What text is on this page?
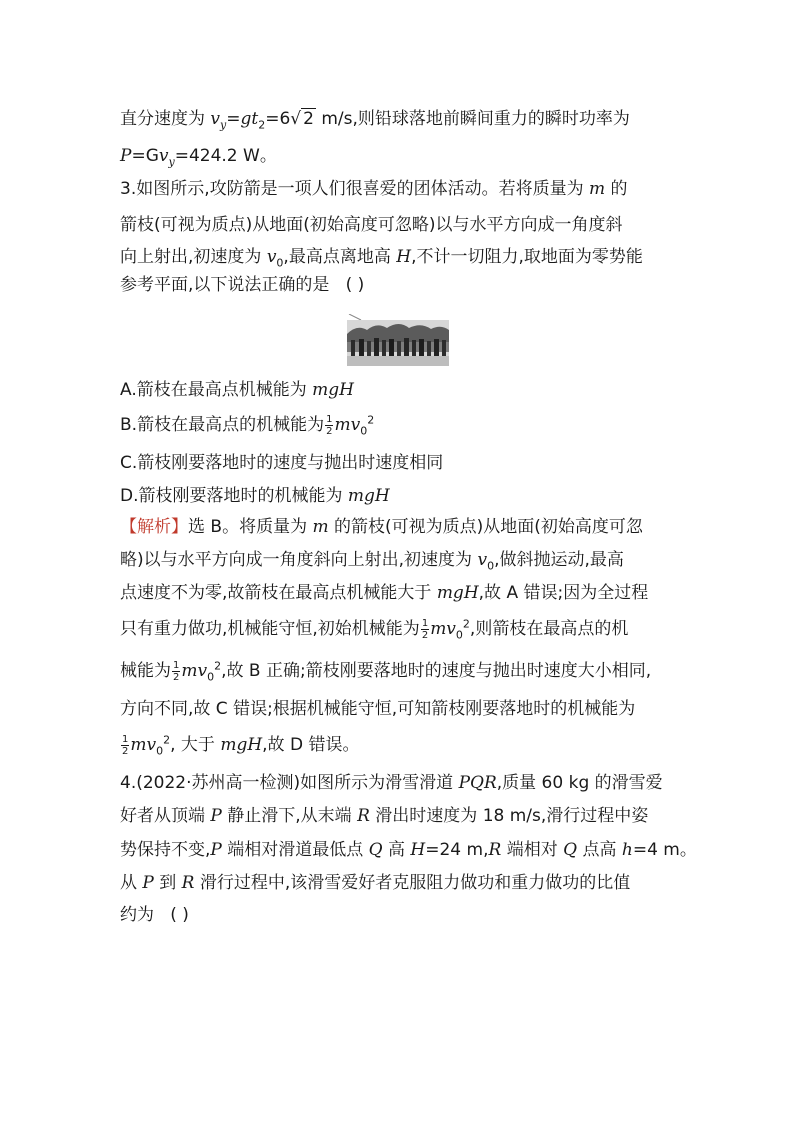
直分速度为 $v_y=gt_2=6√$ 2 m/s,则铅球落地前瞬间重力的瞬时功率为
$P=Gv_y=424.2$ W。
3.如图所示,攻防箭是一项人们很喜爱的团体活动。若将质量为 m 的
箭枝(可视为质点)从地面(初始高度可忽略)以与水平方向成一角度斜
向上射出,初速度为 $v_0$,最高点离地高 H,不计一切阻力,取地面为零势能
参考平面,以下说法正确的是 ( )
A.箭枝在最高点机械能为 mgH
B.箭枝在最高点的机械能为 $\frac{1}{2} mv_0^2$
C.箭枝刚要落地时的速度与抛出时速度相同
D.箭枝刚要落地时的机械能为 mgH
【解析】选 B。将质量为 m 的箭枝(可视为质点)从地面(初始高度可忽
略)以与水平方向成一角度斜向上射出,初速度为 $v_0$,做斜抛运动,最高
点速度不为零,故箭枝在最高点机械能大于 mgH,故 A 错误;因为全过程
只有重力做功,机械能守恒,初始机械能为 $\frac{1}{2} mv_0^2$,则箭枝在最高点的机
械能为 $\frac{1}{2} mv_0^2$,故 B 正确;箭枝刚要落地时的速度与抛出时速度大小相同,
方向不同,故 C 错误;根据机械能守恒,可知箭枝刚要落地时的机械能为
$\frac{1}{2} mv_0^2$, 大于 mgH,故 D 错误。
4.(2022·苏州高一检测)如图所示为滑雪滑道 PQR,质量 60 kg 的滑雪爱
好者从顶端 P 静止滑下,从末端 R 滑出时速度为 18 m/s,滑行过程中姿
势保持不变,P 端相对滑道最低点 Q 高 H=24 m,R 端相对 Q 点高 h=4 m。
从 P 到 R 滑行过程中,该滑雪爱好者克服阻力做功和重力做功的比值
约为 ( )
